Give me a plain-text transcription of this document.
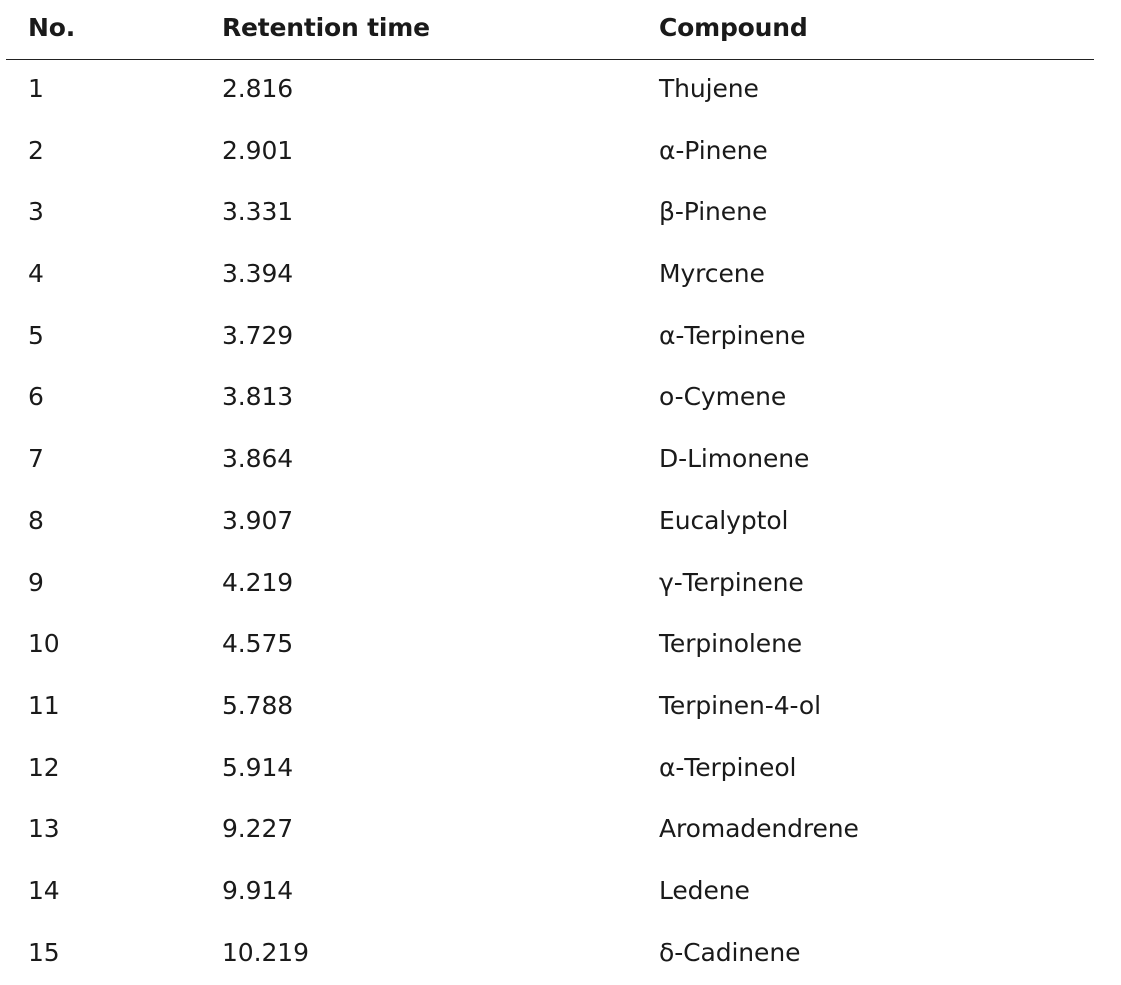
No.	Retention time	Compound
1	2.816	Thujene
2	2.901	α-Pinene
3	3.331	β-Pinene
4	3.394	Myrcene
5	3.729	α-Terpinene
6	3.813	o-Cymene
7	3.864	D-Limonene
8	3.907	Eucalyptol
9	4.219	γ-Terpinene
10	4.575	Terpinolene
11	5.788	Terpinen-4-ol
12	5.914	α-Terpineol
13	9.227	Aromadendrene
14	9.914	Ledene
15	10.219	δ-Cadinene
